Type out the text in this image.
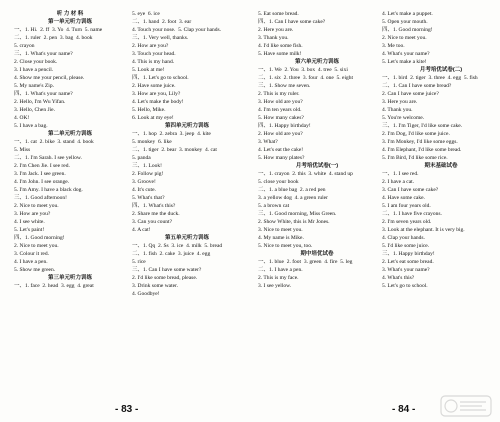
听 力 材 料
第一单元听力训练
一、1. Hi.  2. ff  3. Yo  4. Turn  5. name
二、1. ruler  2. pen  3. bag  4. book
5. crayon
三、1. What's your name?
2. Close your book.
3. I have a pencil.
4. Show me your pencil, please.
5. My name's Zip.
四、1. What's your name?
2. Hello, I'm Wu Yifan.
3. Hello, Chen Jie.
4. OK!
5. I have a bag.
第二单元听力训练
一、1. cat  2. bike  3. stand  4. book
5. Miss
二、1. I'm Sarah. I see yellow.
2. I'm Chen Jie. I see red.
3. I'm Jack. I see green.
4. I'm John. I see orange.
5. I'm Amy. I have a black dog.
三、1. Good afternoon!
2. Nice to meet you.
3. How are you?
4. I see white.
5. Let's paint!
四、1. Good morning!
2. Nice to meet you.
3. Colour it red.
4. I have a pen.
5. Show me green.
第三单元听力训练
一、1. face  2. head  3. egg  4. great
5. eye  6. ice
二、1. hand  2. foot  3. ear
4. Touch your nose.  5. Clap your hands.
三、1. Very well, thanks.
2. How are you?
3. Touch your head.
4. This is my hand.
5. Look at me!
四、1. Let's go to school.
2. Have some juice.
3. How are you, Lily?
4. Let's make the body!
5. Hello, Mike.
6. Look at my eye!
第四单元听力训练
一、1. hop  2. zebra  3. jeep  4. kite
5. monkey  6. like
二、1. tiger  2. bear  3. monkey  4. cat
5. panda
三、1. Look!
2. Follow pig!
3. Groove!
4. It's cute.
5. What's that?
四、1. What's this?
2. Share me the duck.
3. Can you count?
4. A cat!
第五单元听力训练
一、1. Qq  2. Ss  3. ice  4. milk  5. bread
二、1. fish  2. cake  3. juice  4. egg
5. rice
三、1. Can I have some water?
2. I'd like some bread, please.
3. Drink some water.
4. Goodbye!
5. Eat some bread.
四、1. Can I have some cake?
2. Here you are.
3. Thank you.
4. I'd like some fish.
5. Have some milk!
第六单元听力训练
一、1. We  2. You  3. box  4. tree  5. sixi
二、1. six  2. three  3. four  4. one  5. eight
三、1. Show me seven.
2. This is my ruler.
3. How old are you?
4. I'm ten years old.
5. How many cakes?
四、1. Happy birthday!
2. How old are you?
3. What?
4. Let's eat the cake!
5. How many plates?
月考培优试卷(一)
一、1. crayon  2. this  3. white  4. stand up
5. close your book
二、1. a blue bag  2. a red pen
3. a yellow dog  4. a green ruler
5. a brown cat
三、1. Good morning, Miss Green.
2. Show White, this is Mr Jones.
3. Nice to meet you.
4. My name is Mike.
5. Nice to meet you, too.
期中培优试卷
一、1. blue  2. foot  3. green  4. fire  5. leg
二、1. I have a pen.
2. This is my face.
3. I see yellow.
4. Let's make a puppet.
5. Open your mouth.
四、1. Good morning!
2. Nice to meet you.
3. Me too.
4. What's your name?
5. Let's make a kite!
月考培优试卷(二)
一、1. bird  2. tiger  3. three  4. egg  5. fish
二、1. Can I have some bread?
2. Can I have some juice?
3. Here you are.
4. Thank you.
5. You're welcome.
三、1. I'm Tiger, I'd like some cake.
2. I'm Dog, I'd like some juice.
3. I'm Monkey, I'd like some eggs.
4. I'm Elephant, I'd like some bread.
5. I'm Bird, I'd like some rice.
期末基础试卷
一、1. I see red.
2. I have a cat.
3. Can I have some cake?
4. Have some cake.
5. I am four years old.
二、1. I have five crayons.
2. I'm seven years old.
3. Look at the elephant. It is very big.
4. Clap your hands.
5. I'd like some juice.
三、1. Happy birthday!
2. Let's eat some bread.
3. What's your name?
4. What's this?
5. Let's go to school.
- 83 -	- 84 -
